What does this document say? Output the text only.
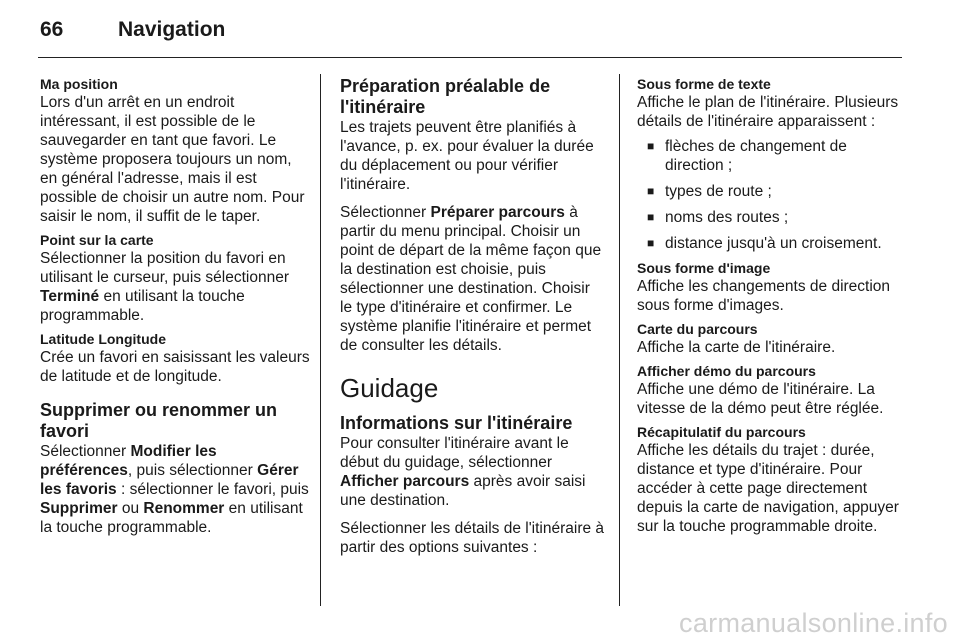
66	Navigation
Ma position

Lors d'un arrêt en un endroit intéressant, il est possible de le sauvegarder en tant que favori. Le système proposera toujours un nom, en général l'adresse, mais il est possible de choisir un autre nom. Pour saisir le nom, il suffit de le taper.

Point sur la carte

Sélectionner la position du favori en utilisant le curseur, puis sélectionner Terminé en utilisant la touche programmable.

Latitude Longitude

Crée un favori en saisissant les valeurs de latitude et de longitude.

Supprimer ou renommer un favori

Sélectionner Modifier les préférences, puis sélectionner Gérer les favoris : sélectionner le favori, puis Supprimer ou Renommer en utilisant la touche programmable.

Préparation préalable de l'itinéraire

Les trajets peuvent être planifiés à l'avance, p. ex. pour évaluer la durée du déplacement ou pour vérifier l'itinéraire.

Sélectionner Préparer parcours à partir du menu principal. Choisir un point de départ de la même façon que la destination est choisie, puis sélectionner une destination. Choisir le type d'itinéraire et confirmer. Le système planifie l'itinéraire et permet de consulter les détails.

Guidage
Informations sur l'itinéraire

Pour consulter l'itinéraire avant le début du guidage, sélectionner Afficher parcours après avoir saisi une destination.

Sélectionner les détails de l'itinéraire à partir des options suivantes :

Sous forme de texte

Affiche le plan de l'itinéraire. Plusieurs détails de l'itinéraire apparaissent :

■ flèches de changement de direction ;
■ types de route ;
■ noms des routes ;
■ distance jusqu'à un croisement.
Sous forme d'image

Affiche les changements de direction sous forme d'images.

Carte du parcours

Affiche la carte de l'itinéraire.

Afficher démo du parcours

Affiche une démo de l'itinéraire. La vitesse de la démo peut être réglée.

Récapitulatif du parcours

Affiche les détails du trajet : durée, distance et type d'itinéraire. Pour accéder à cette page directement depuis la carte de navigation, appuyer sur la touche programmable droite.

carmanualsonline.info
